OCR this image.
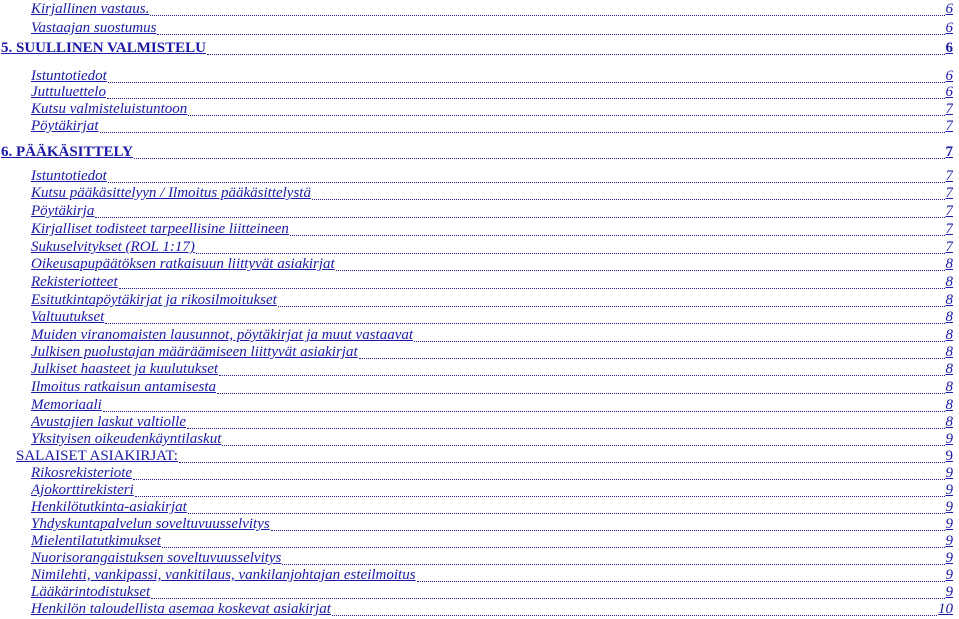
Kirjallinen vastaus.	6
Vastaajan suostumus	6
5. SUULLINEN VALMISTELU	6
Istuntotiedot	6
Juttuluettelo	6
Kutsu valmisteluistuntoon	7
Pöytäkirjat	7
6. PÄÄKÄSITTELY	7
Istuntotiedot	7
Kutsu pääkäsittelyyn / Ilmoitus pääkäsittelystä	7
Pöytäkirja	7
Kirjalliset todisteet tarpeellisine liitteineen	7
Sukuselvitykset (ROL 1:17)	7
Oikeusapupäätöksen ratkaisuun liittyvät asiakirjat	8
Rekisteriotteet	8
Esitutkintapöytäkirjat ja rikosilmoitukset	8
Valtuutukset	8
Muiden viranomaisten lausunnot, pöytäkirjat ja muut vastaavat	8
Julkisen puolustajan määräämiseen liittyvät asiakirjat	8
Julkiset haasteet ja kuulutukset	8
Ilmoitus ratkaisun antamisesta	8
Memoriaali	8
Avustajien laskut valtiolle	8
Yksityisen oikeudenkäyntilaskut	9
SALAISET ASIAKIRJAT:	9
Rikosrekisteriote	9
Ajokorttirekisteri	9
Henkilötutkinta-asiakirjat	9
Yhdyskuntapalvelun soveltuvuusselvitys	9
Mielentilatutkimukset	9
Nuorisorangaistuksen soveltuvuusselvitys	9
Nimilehti, vankipassi, vankitilaus, vankilanjohtajan esteilmoitus	9
Lääkärintodistukset	9
Henkilön taloudellista asemaa koskevat asiakirjat	10
